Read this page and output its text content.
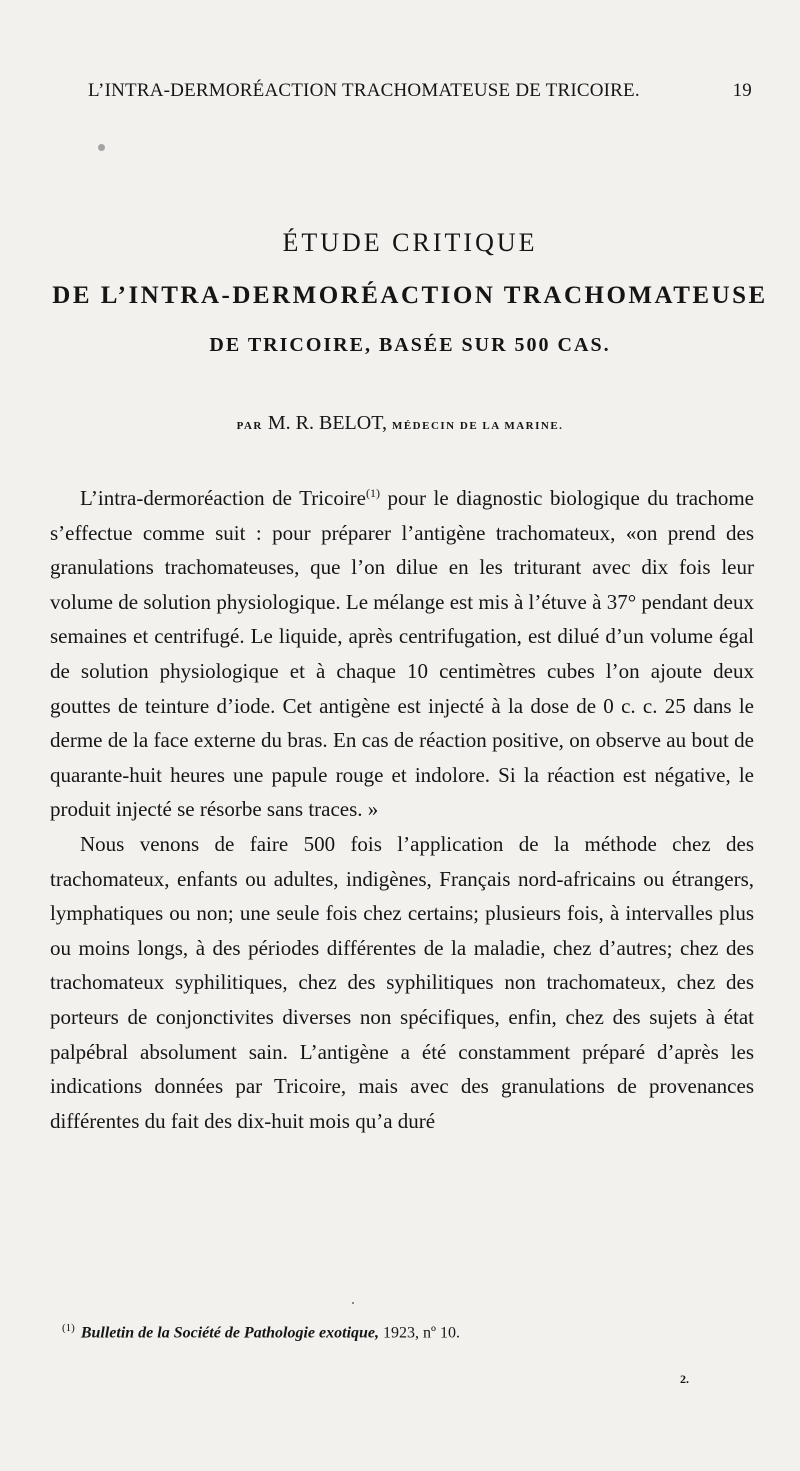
L’INTRA-DERMORÉACTION TRACHOMATEUSE DE TRICOIRE.	19
ÉTUDE CRITIQUE
DE L’INTRA-DERMORÉACTION TRACHOMATEUSE
DE TRICOIRE, BASÉE SUR 500 CAS.
PAR M. R. BELOT, MÉDECIN DE LA MARINE.

L’intra-dermoréaction de Tricoire$^{(1)}$ pour le diagnostic biologique du trachome s’effectue comme suit : pour préparer l’antigène trachomateux, «on prend des granulations trachomateuses, que l’on dilue en les triturant avec dix fois leur volume de solution physiologique. Le mélange est mis à l’étuve à 37° pendant deux semaines et centrifugé. Le liquide, après centrifugation, est dilué d’un volume égal de solution physiologique et à chaque 10 centimètres cubes l’on ajoute deux gouttes de teinture d’iode. Cet antigène est injecté à la dose de 0 c. c. 25 dans le derme de la face externe du bras. En cas de réaction positive, on observe au bout de quarante-huit heures une papule rouge et indolore. Si la réaction est négative, le produit injecté se résorbe sans traces. »

Nous venons de faire 500 fois l’application de la méthode chez des trachomateux, enfants ou adultes, indigènes, Français nord-africains ou étrangers, lymphatiques ou non; une seule fois chez certains; plusieurs fois, à intervalles plus ou moins longs, à des périodes différentes de la maladie, chez d’autres; chez des trachomateux syphilitiques, chez des syphilitiques non trachomateux, chez des porteurs de conjonctivites diverses non spécifiques, enfin, chez des sujets à état palpébral absolument sain. L’antigène a été constamment préparé d’après les indications données par Tricoire, mais avec des granulations de provenances différentes du fait des dix-huit mois qu’a duré

$^{(1)}$ Bulletin de la Société de Pathologie exotique, 1923, nº 10.
2.
